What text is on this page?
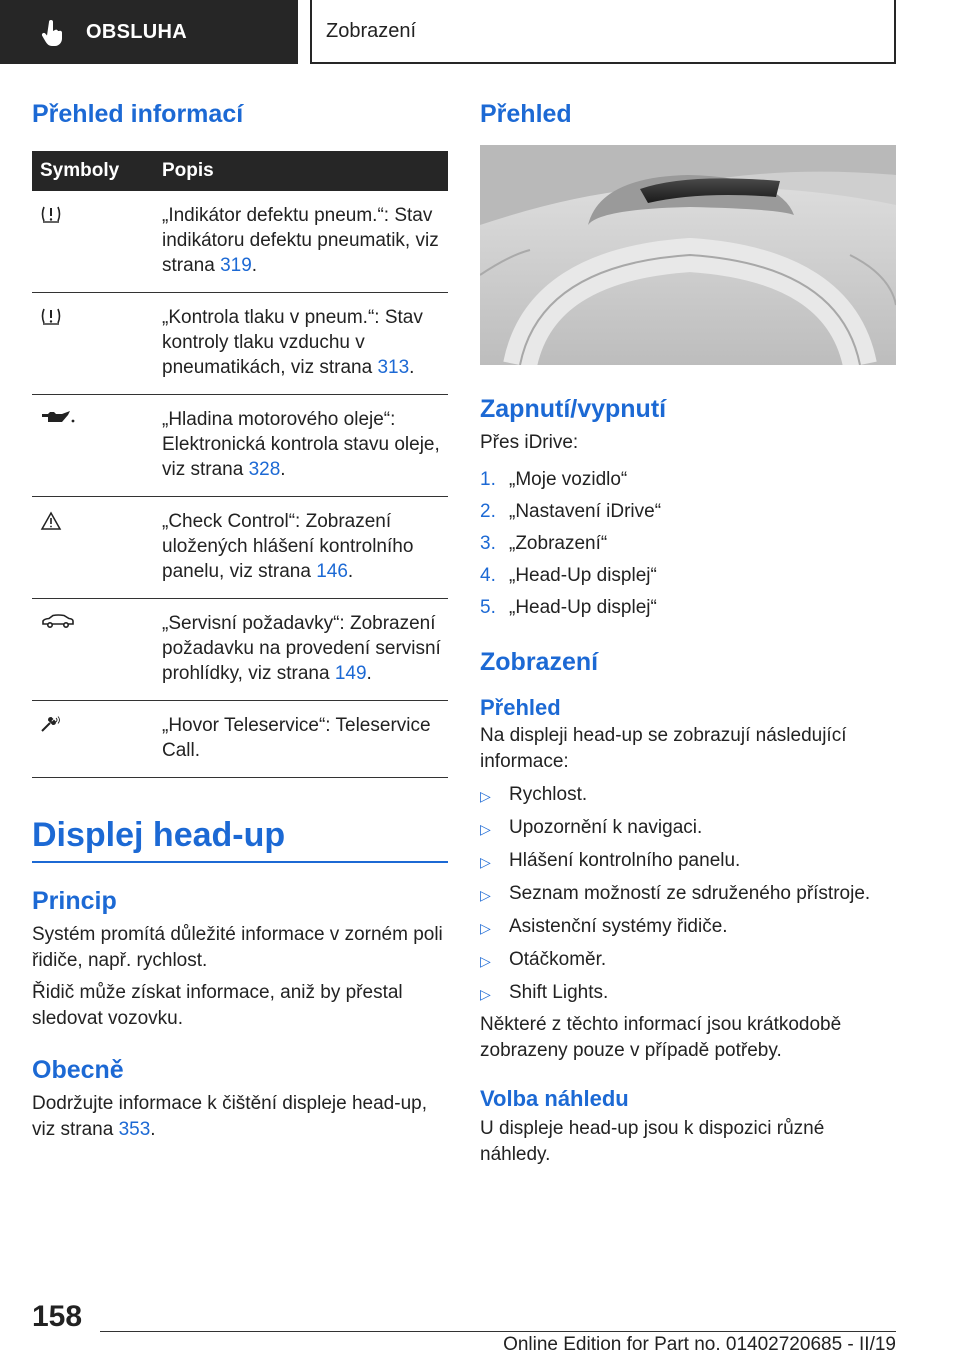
OBSLUHA	Zobrazení
Přehled informací
Symboly	Popis

	„Indikátor defektu pneum.“: Stav indikátoru defektu pneumatik, viz strana 319.

	„Kontrola tlaku v pneum.“: Stav kontroly tlaku vzduchu v pneumatikách, viz strana 313.

	„Hladina motorového oleje“: Elektronická kontrola stavu oleje, viz strana 328.

	„Check Control“: Zobrazení uložených hlášení kontrolního panelu, viz strana 146.

	„Servisní požadavky“: Zobrazení požadavku na provedení servisní prohlídky, viz strana 149.

	„Hovor Teleservice“: Teleservice Call.
Displej head-up
Princip

Systém promítá důležité informace v zorném poli řidiče, např. rychlost.

Řidič může získat informace, aniž by přestal sledovat vozovku.

Obecně

Dodržujte informace k čištění displeje head-up, viz strana 353.

Přehled
Zapnutí/vypnutí

Přes iDrive:

1. „Moje vozidlo“
2. „Nastavení iDrive“
3. „Zobrazení“
4. „Head-Up displej“
5. „Head-Up displej“
Zobrazení
Přehled

Na displeji head-up se zobrazují následující informace:

▷ Rychlost.
▷ Upozornění k navigaci.
▷ Hlášení kontrolního panelu.
▷ Seznam možností ze sdruženého přístroje.
▷ Asistenční systémy řidiče.
▷ Otáčkoměr.
▷ Shift Lights.

Některé z těchto informací jsou krátkodobě zobrazeny pouze v případě potřeby.

Volba náhledu

U displeje head-up jsou k dispozici různé náhledy.

158
Online Edition for Part no. 01402720685 - II/19
